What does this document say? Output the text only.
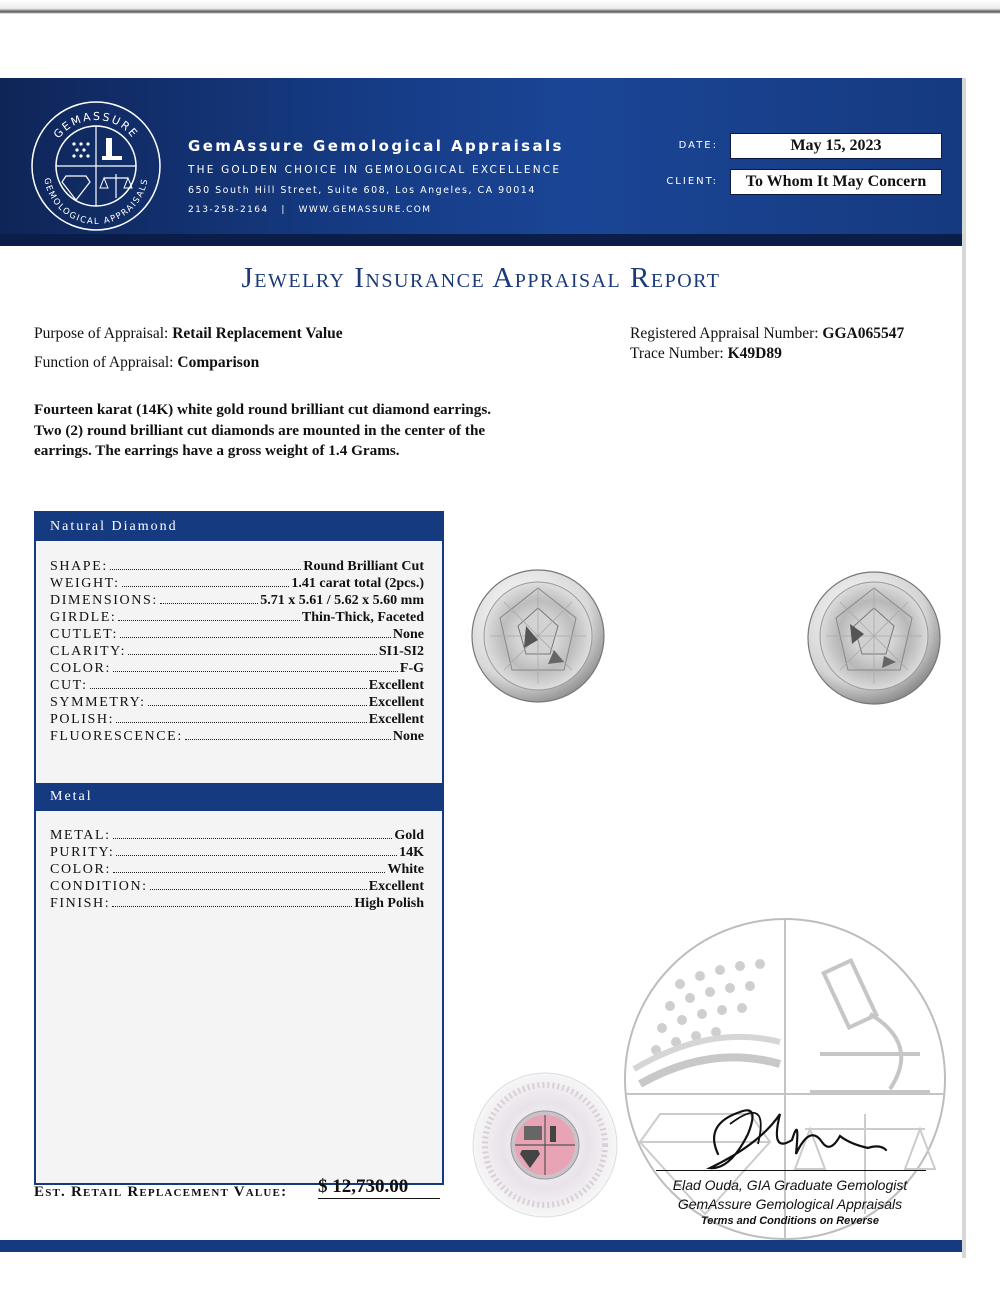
GEMASSURE
GEMOLOGICAL APPRAISALS
GemAssure Gemological Appraisals
THE GOLDEN CHOICE IN GEMOLOGICAL EXCELLENCE
650 South Hill Street, Suite 608, Los Angeles, CA 90014
213-258-2164 | WWW.GEMASSURE.COM
DATE:	May 15, 2023
CLIENT:	To Whom It May Concern
Jewelry Insurance Appraisal Report
Purpose of Appraisal: Retail Replacement Value
Function of Appraisal: Comparison
Registered Appraisal Number: GGA065547
Trace Number: K49D89
Fourteen karat (14K) white gold round brilliant cut diamond earrings. Two (2) round brilliant cut diamonds are mounted in the center of the earrings. The earrings have a gross weight of 1.4 Grams.
Natural Diamond
SHAPE:	Round Brilliant Cut
WEIGHT:	1.41 carat total (2pcs.)
DIMENSIONS:	5.71 x 5.61 / 5.62 x 5.60 mm
GIRDLE:	Thin-Thick, Faceted
CUTLET:	None
CLARITY:	SI1-SI2
COLOR:	F-G
CUT:	Excellent
SYMMETRY:	Excellent
POLISH:	Excellent
FLUORESCENCE:	None
Metal
METAL:	Gold
PURITY:	14K
COLOR:	White
CONDITION:	Excellent
FINISH:	High Polish
Est. Retail Replacement Value: $ 12,730.00	Elad Ouda, GIA Graduate Gemologist
GemAssure Gemological Appraisals
Terms and Conditions on Reverse
